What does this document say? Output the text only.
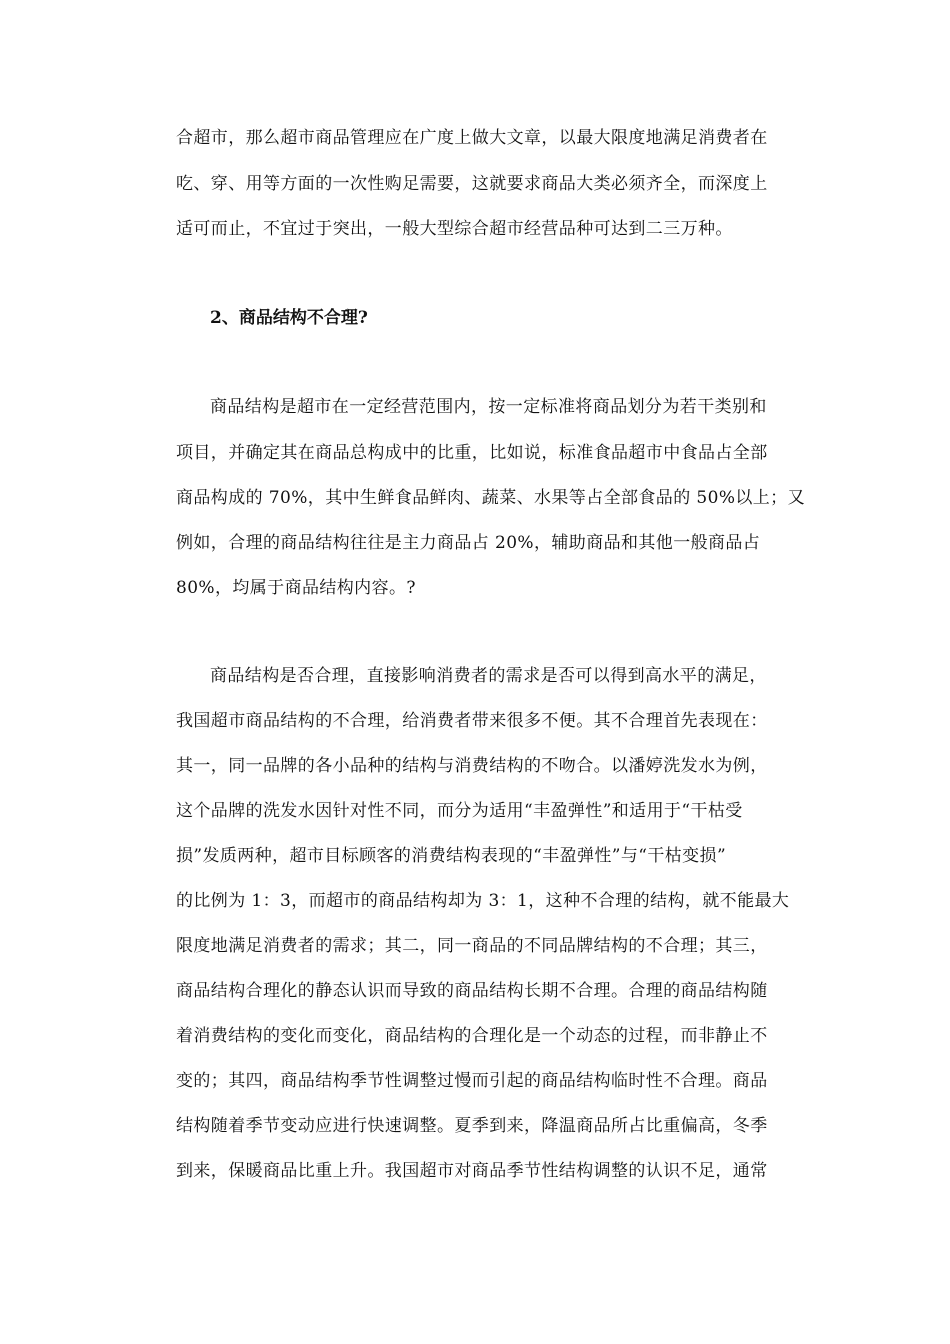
合超市，那么超市商品管理应在广度上做大文章，以最大限度地满足消费者在
吃、穿、用等方面的一次性购足需要，这就要求商品大类必须齐全，而深度上
适可而止，不宜过于突出，一般大型综合超市经营品种可达到二三万种。
2、商品结构不合理?
商品结构是超市在一定经营范围内，按一定标准将商品划分为若干类别和
项目，并确定其在商品总构成中的比重，比如说，标准食品超市中食品占全部
商品构成的 70%，其中生鲜食品鲜肉、蔬菜、水果等占全部食品的 50%以上；又
例如，合理的商品结构往往是主力商品占 20%，辅助商品和其他一般商品占
80%，均属于商品结构内容。?
商品结构是否合理，直接影响消费者的需求是否可以得到高水平的满足，
我国超市商品结构的不合理，给消费者带来很多不便。其不合理首先表现在：
其一，同一品牌的各小品种的结构与消费结构的不吻合。以潘婷洗发水为例，
这个品牌的洗发水因针对性不同，而分为适用“丰盈弹性”和适用于“干枯受
损”发质两种，超市目标顾客的消费结构表现的“丰盈弹性”与“干枯变损”
的比例为 1：3，而超市的商品结构却为 3：1，这种不合理的结构，就不能最大
限度地满足消费者的需求；其二，同一商品的不同品牌结构的不合理；其三，
商品结构合理化的静态认识而导致的商品结构长期不合理。合理的商品结构随
着消费结构的变化而变化，商品结构的合理化是一个动态的过程，而非静止不
变的；其四，商品结构季节性调整过慢而引起的商品结构临时性不合理。商品
结构随着季节变动应进行快速调整。夏季到来，降温商品所占比重偏高，冬季
到来，保暖商品比重上升。我国超市对商品季节性结构调整的认识不足，通常
